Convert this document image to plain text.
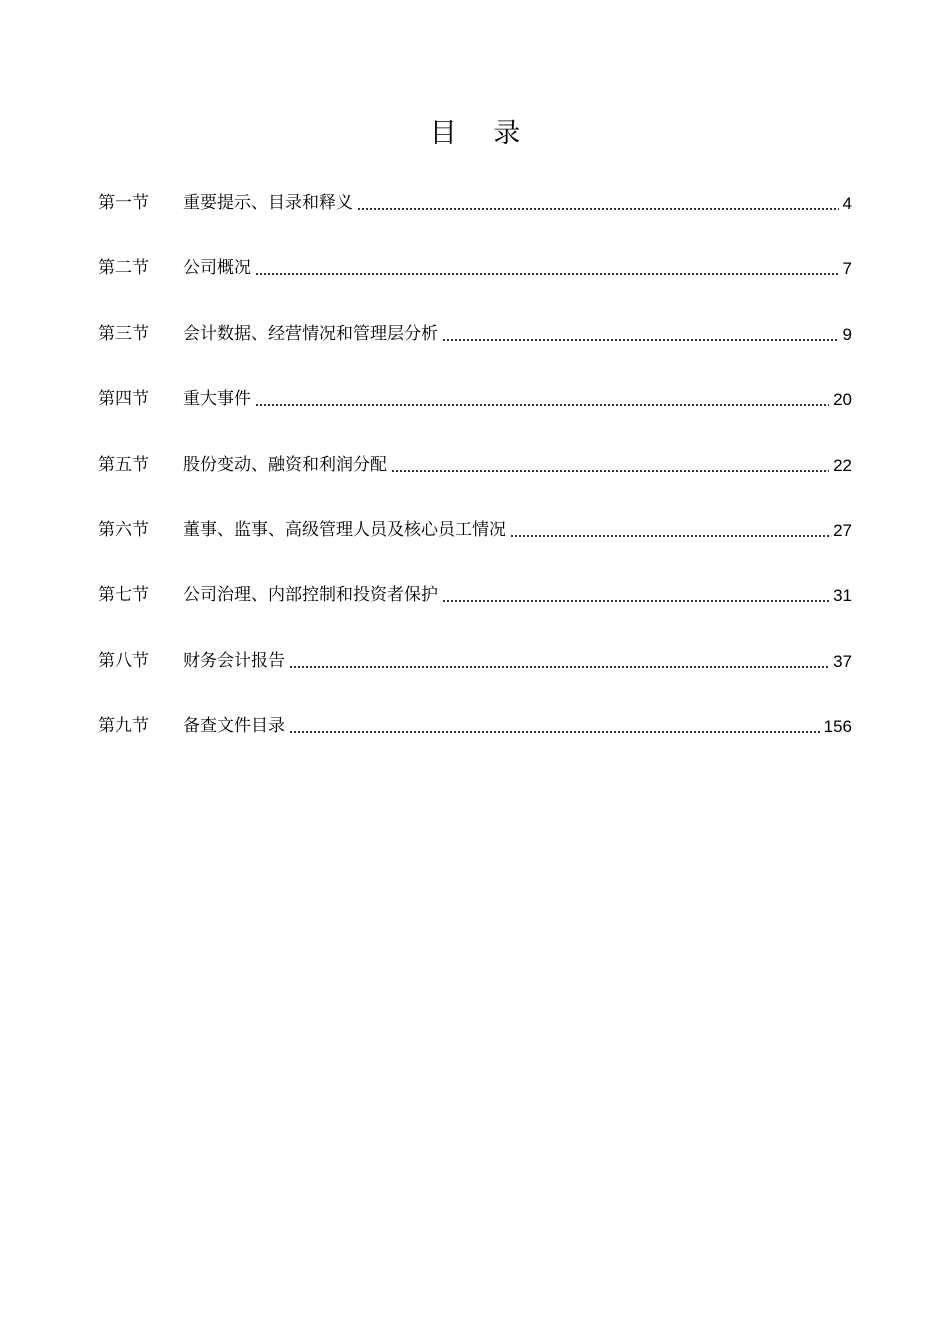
目 录
第一节	重要提示、目录和释义	4
第二节	公司概况	7
第三节	会计数据、经营情况和管理层分析	9
第四节	重大事件	20
第五节	股份变动、融资和利润分配	22
第六节	董事、监事、高级管理人员及核心员工情况	27
第七节	公司治理、内部控制和投资者保护	31
第八节	财务会计报告	37
第九节	备查文件目录	156
